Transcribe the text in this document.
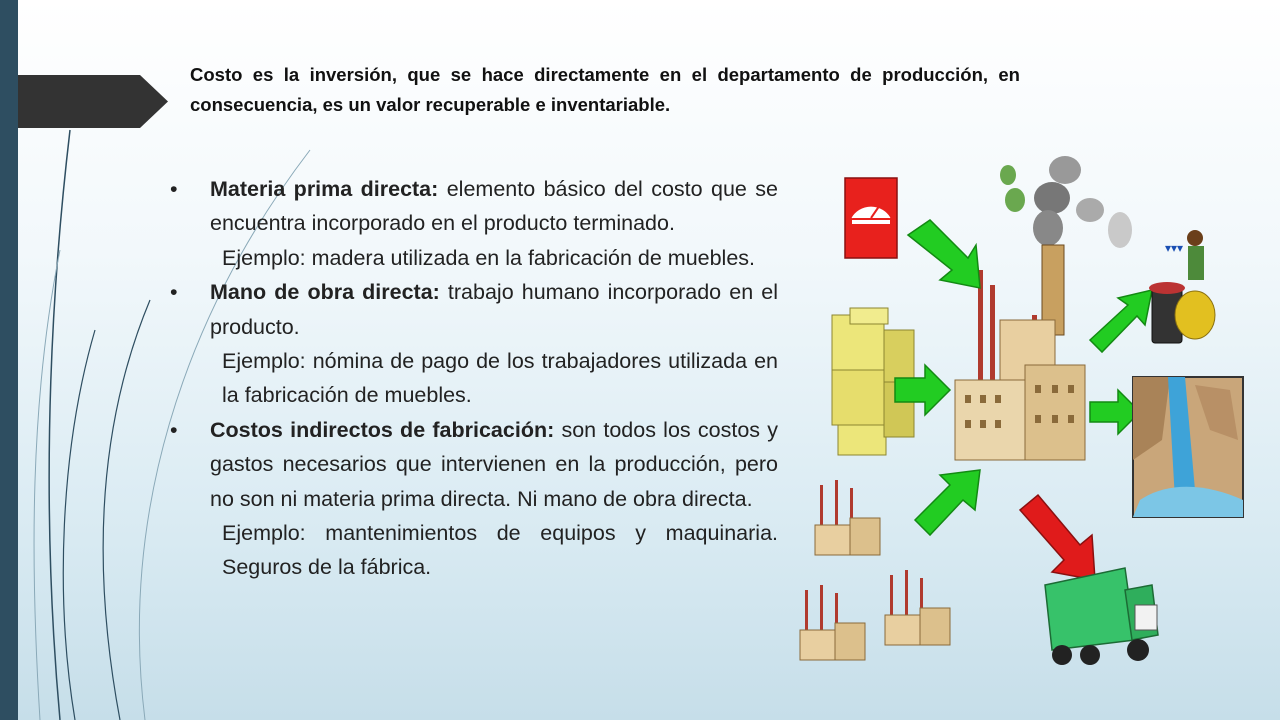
Costo es la inversión, que se hace directamente en el departamento de producción, en consecuencia, es un valor recuperable e inventariable.
•	Materia prima directa: elemento básico del costo que se encuentra incorporado en el producto terminado.
Ejemplo: madera utilizada en la fabricación de muebles.
•	Mano de obra directa: trabajo humano incorporado en el producto.
Ejemplo: nómina de pago de los trabajadores utilizada en la fabricación de muebles.
•	Costos indirectos de fabricación: son todos los costos y gastos necesarios que intervienen en la producción, pero no son ni materia prima directa. Ni mano de obra directa.
Ejemplo: mantenimientos de equipos y maquinaria. Seguros de la fábrica.
▾▾▾
